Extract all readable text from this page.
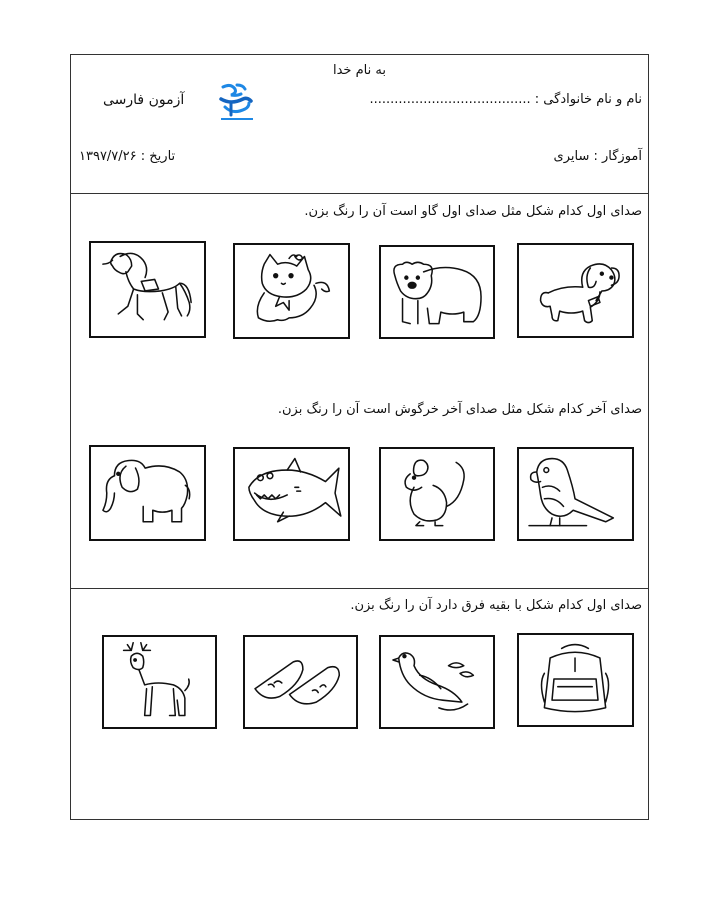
به نام خدا
نام و نام خانوادگی : .......................................
آزمون فارسی
آموزگار : سایری
تاریخ : ۱۳۹۷/۷/۲۶
صدای اول کدام شکل مثل صدای اول گاو است آن را رنگ بزن.
صدای آخر کدام شکل مثل صدای آخر خرگوش است آن را رنگ بزن.
صدای اول کدام شکل با بقیه فرق دارد آن را رنگ بزن.
